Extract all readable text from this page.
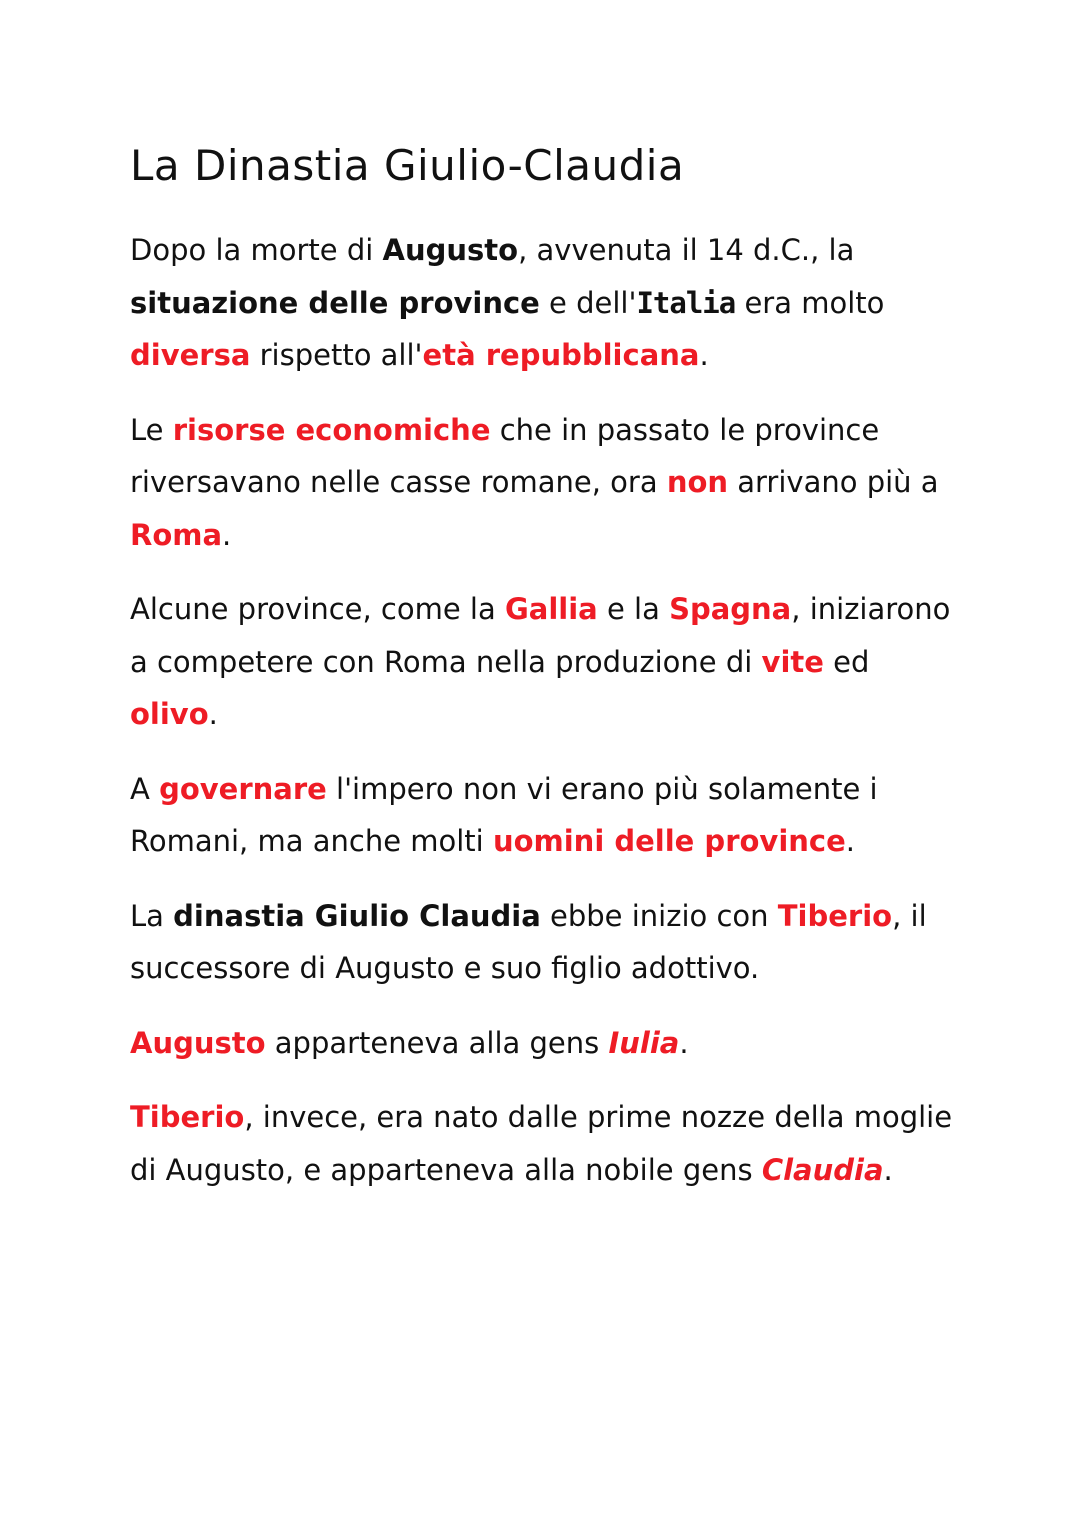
La Dinastia Giulio-Claudia

Dopo la morte di Augusto, avvenuta il 14 d.C., la situazione delle province e dell'Italia era molto diversa rispetto all'età repubblicana.

Le risorse economiche che in passato le province riversavano nelle casse romane, ora non arrivano più a Roma.

Alcune province, come la Gallia e la Spagna, iniziarono a competere con Roma nella produzione di vite ed olivo.

A governare l'impero non vi erano più solamente i Romani, ma anche molti uomini delle province.

La dinastia Giulio Claudia ebbe inizio con Tiberio, il successore di Augusto e suo figlio adottivo.

Augusto apparteneva alla gens Iulia.

Tiberio, invece, era nato dalle prime nozze della moglie di Augusto, e apparteneva alla nobile gens Claudia.
